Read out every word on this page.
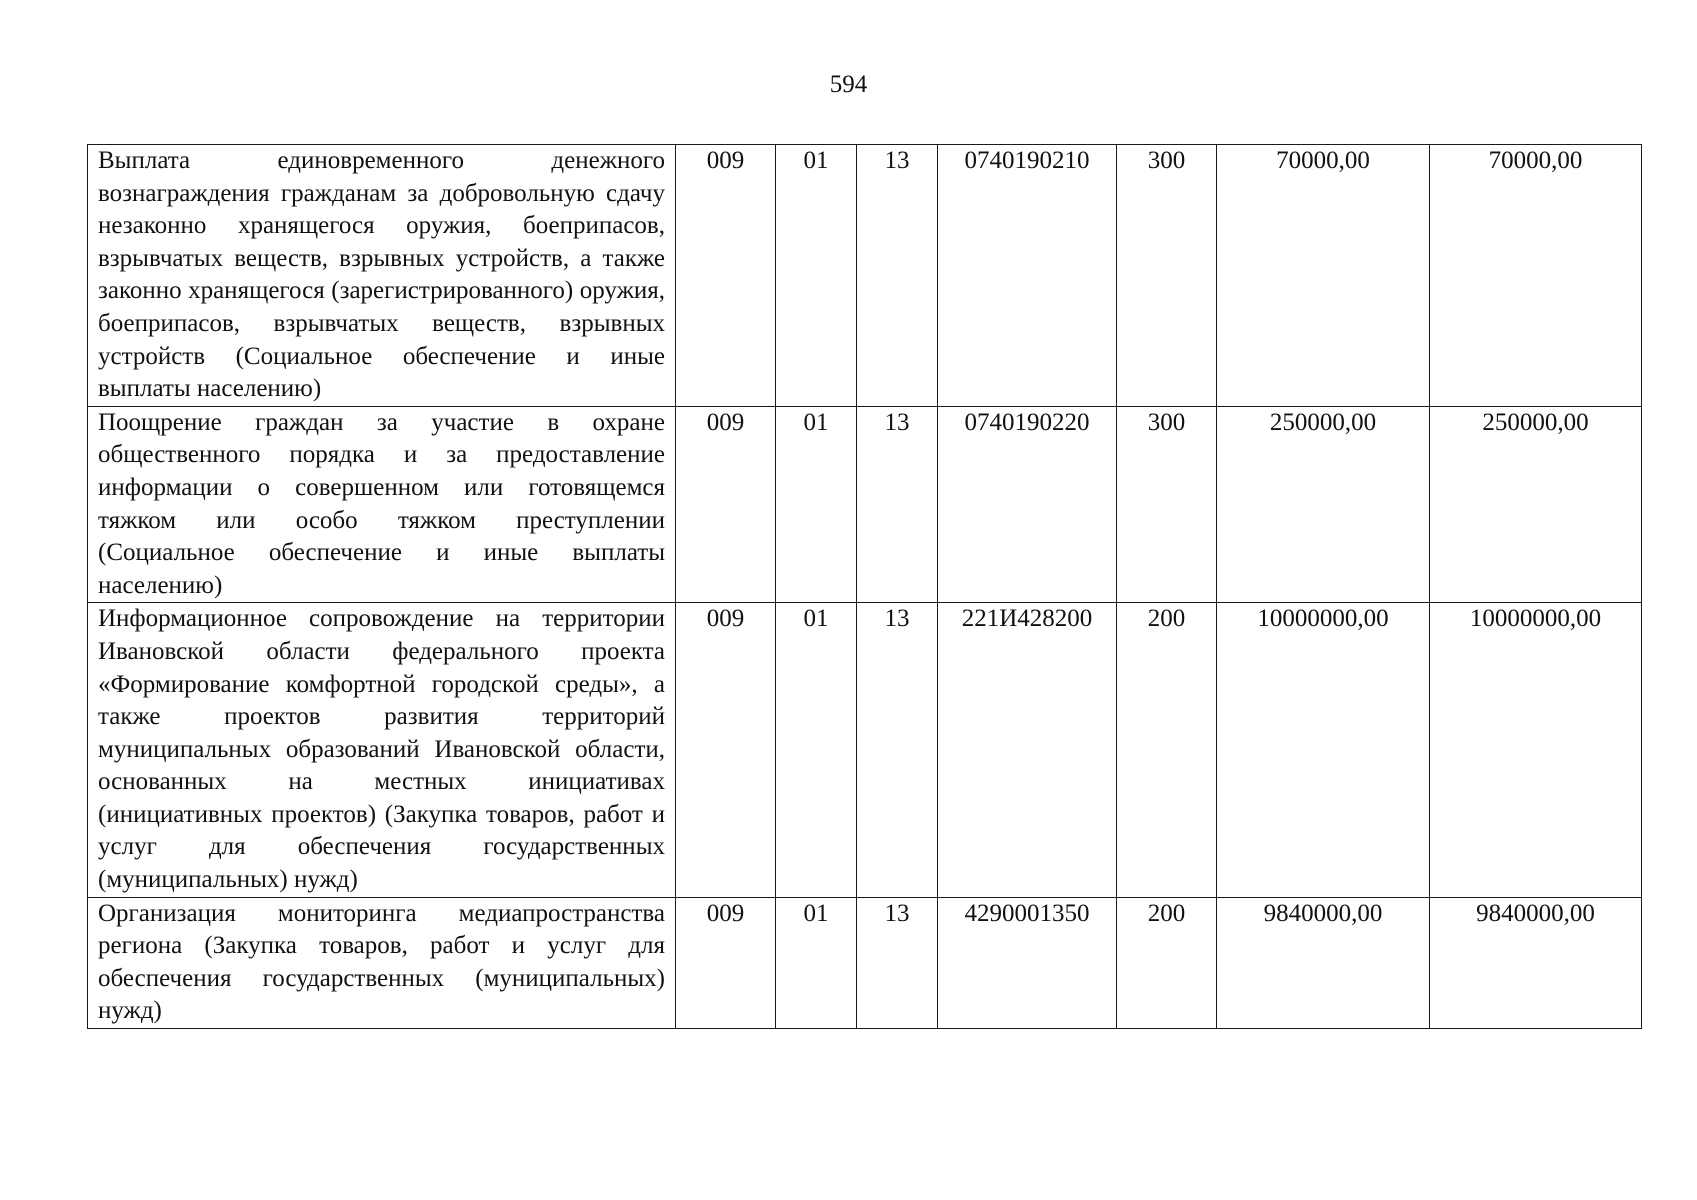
594
Выплата единовременного денежного вознаграждения гражданам за добровольную сдачу незаконно хранящегося оружия, боеприпасов, взрывчатых веществ, взрывных устройств, а также законно хранящегося (зарегистрированного) оружия, боеприпасов, взрывчатых веществ, взрывных устройств (Социальное обеспечение и иные выплаты населению)	009	01	13	0740190210	300	70000,00	70000,00
Поощрение граждан за участие в охране общественного порядка и за предоставление информации о совершенном или готовящемся тяжком или особо тяжком преступлении (Социальное обеспечение и иные выплаты населению)	009	01	13	0740190220	300	250000,00	250000,00
Информационное сопровождение на территории Ивановской области федерального проекта «Формирование комфортной городской среды», а также проектов развития территорий муниципальных образований Ивановской области, основанных на местных инициативах (инициативных проектов) (Закупка товаров, работ и услуг для обеспечения государственных (муниципальных) нужд)	009	01	13	221И428200	200	10000000,00	10000000,00
Организация мониторинга медиапространства региона (Закупка товаров, работ и услуг для обеспечения государственных (муниципальных) нужд)	009	01	13	4290001350	200	9840000,00	9840000,00
